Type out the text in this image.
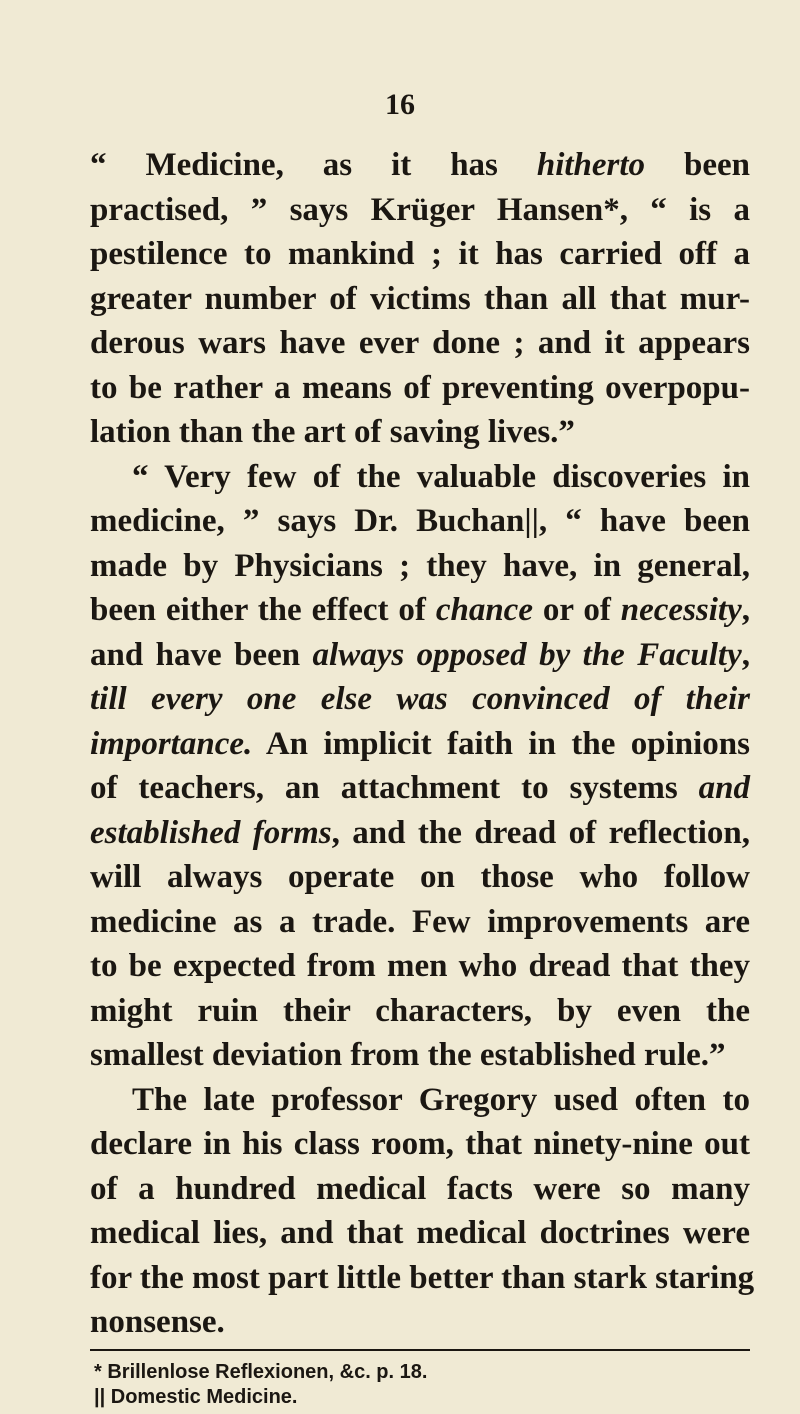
16
“ Medicine, as it has hitherto been
practised, ” says Krüger Hansen*, “ is a
pestilence to mankind ; it has carried off a
greater number of victims than all that mur-
derous wars have ever done ; and it appears
to be rather a means of preventing overpopu-
lation than the art of saving lives.”
“ Very few of the valuable discoveries in
medicine, ” says Dr. Buchan||, “ have been
made by Physicians ; they have, in general,
been either the effect of chance or of necessity,
and have been always opposed by the Faculty,
till every one else was convinced of their
importance. An implicit faith in the opinions
of teachers, an attachment to systems and
established forms, and the dread of reflection,
will always operate on those who follow
medicine as a trade. Few improvements are
to be expected from men who dread that they
might ruin their characters, by even the
smallest deviation from the established rule.”
The late professor Gregory used often to
declare in his class room, that ninety-nine out
of a hundred medical facts were so many
medical lies, and that medical doctrines were
for the most part little better than stark staring
nonsense.
* Brillenlose Reflexionen, &c. p. 18.
|| Domestic Medicine.
